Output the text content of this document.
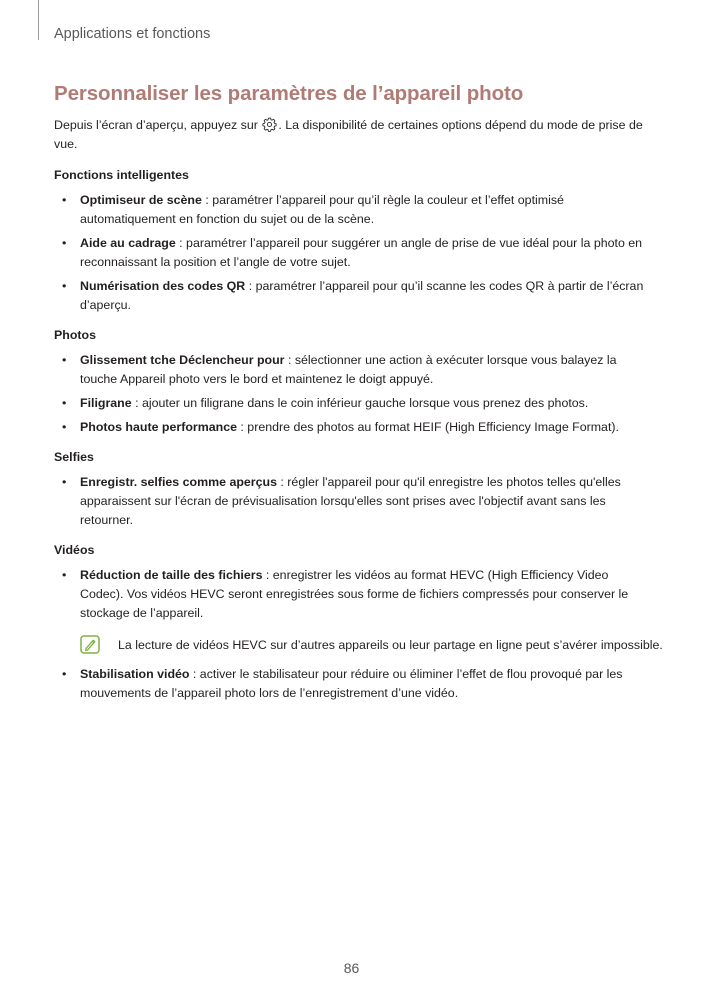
Applications et fonctions
Personnaliser les paramètres de l’appareil photo

Depuis l’écran d’aperçu, appuyez sur . La disponibilité de certaines options dépend du mode de prise de vue.

Fonctions intelligentes
• Optimiseur de scène : paramétrer l’appareil pour qu’il règle la couleur et l’effet optimisé automatiquement en fonction du sujet ou de la scène.
• Aide au cadrage : paramétrer l’appareil pour suggérer un angle de prise de vue idéal pour la photo en reconnaissant la position et l’angle de votre sujet.
• Numérisation des codes QR : paramétrer l’appareil pour qu’il scanne les codes QR à partir de l’écran d’aperçu.
Photos
• Glissement tche Déclencheur pour : sélectionner une action à exécuter lorsque vous balayez la touche Appareil photo vers le bord et maintenez le doigt appuyé.
• Filigrane : ajouter un filigrane dans le coin inférieur gauche lorsque vous prenez des photos.
• Photos haute performance : prendre des photos au format HEIF (High Efficiency Image Format).
Selfies
• Enregistr. selfies comme aperçus : régler l'appareil pour qu'il enregistre les photos telles qu'elles apparaissent sur l'écran de prévisualisation lorsqu'elles sont prises avec l'objectif avant sans les retourner.
Vidéos
• Réduction de taille des fichiers : enregistrer les vidéos au format HEVC (High Efficiency Video Codec). Vos vidéos HEVC seront enregistrées sous forme de fichiers compressés pour conserver le stockage de l’appareil.
La lecture de vidéos HEVC sur d’autres appareils ou leur partage en ligne peut s’avérer impossible.
• Stabilisation vidéo : activer le stabilisateur pour réduire ou éliminer l’effet de flou provoqué par les mouvements de l’appareil photo lors de l’enregistrement d’une vidéo.
86
